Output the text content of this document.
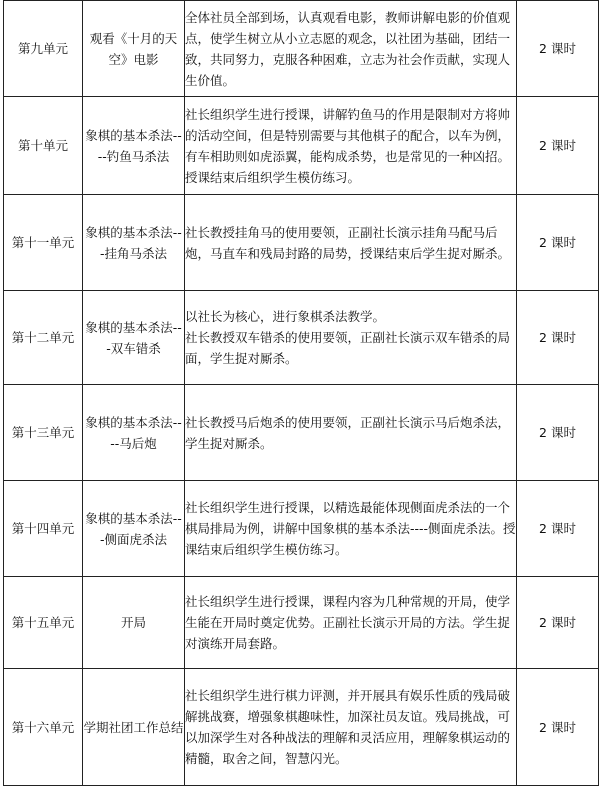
第九单元	观看《十月的天空》电影	全体社员全部到场，认真观看电影，教师讲解电影的价值观点，使学生树立从小立志愿的观念，以社团为基础，团结一致，共同努力，克服各种困难，立志为社会作贡献，实现人生价值。	2 课时

第十单元	象棋的基本杀法----钓鱼马杀法	社长组织学生进行授课，讲解钓鱼马的作用是限制对方将帅的活动空间，但是特别需要与其他棋子的配合，以车为例，有车相助则如虎添翼，能构成杀势，也是常见的一种凶招。授课结束后组织学生模仿练习。	2 课时

第十一单元	象棋的基本杀法---挂角马杀法	社长教授挂角马的使用要领，正副社长演示挂角马配马后炮，马直车和残局封路的局势，授课结束后学生捉对厮杀。	2 课时

第十二单元	象棋的基本杀法---双车错杀	以社长为核心，进行象棋杀法教学。
社长教授双车错杀的使用要领，正副社长演示双车错杀的局面，学生捉对厮杀。	2 课时

第十三单元	象棋的基本杀法----马后炮	社长教授马后炮杀的使用要领，正副社长演示马后炮杀法，学生捉对厮杀。	2 课时

第十四单元	象棋的基本杀法---侧面虎杀法	社长组织学生进行授课，以精选最能体现侧面虎杀法的一个棋局排局为例，讲解中国象棋的基本杀法----侧面虎杀法。授课结束后组织学生模仿练习。	2 课时

第十五单元	开局	社长组织学生进行授课，课程内容为几种常规的开局，使学生能在开局时奠定优势。正副社长演示开局的方法。学生捉对演练开局套路。	2 课时

第十六单元	学期社团工作总结	社长组织学生进行棋力评测，并开展具有娱乐性质的残局破解挑战赛，增强象棋趣味性，加深社员友谊。残局挑战，可以加深学生对各种战法的理解和灵活应用，理解象棋运动的精髓，取舍之间，智慧闪光。	2 课时
